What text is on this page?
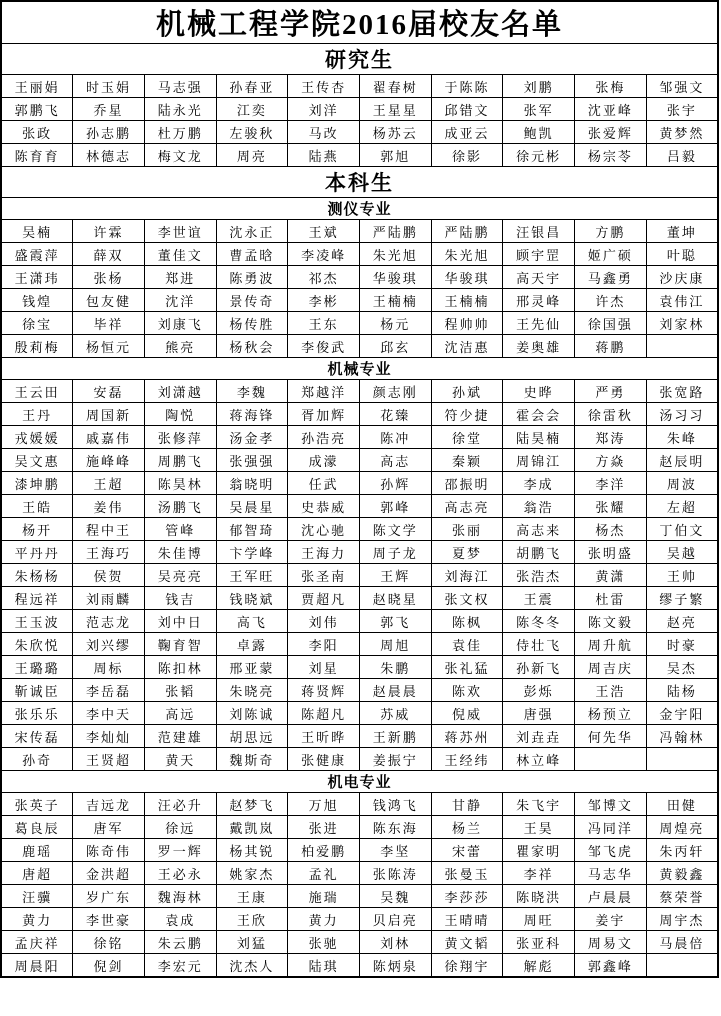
机械工程学院2016届校友名单									
研究生									
王丽娟	时玉娟	马志强	孙春亚	王传杏	翟春树	于陈陈	刘鹏	张梅	邹强文
郭鹏飞	乔星	陆永光	江奕	刘洋	王星星	邱错文	张军	沈亚峰	张宇
张政	孙志鹏	杜万鹏	左骏秋	马改	杨苏云	成亚云	鲍凯	张爱辉	黄梦然
陈育育	林德志	梅文龙	周亮	陆燕	郭旭	徐影	徐元彬	杨宗苓	吕毅
本科生									
测仪专业									
吴楠	许霖	李世谊	沈永正	王斌	严陆鹏	严陆鹏	汪银昌	方鹏	董坤
盛霞萍	薛双	董佳文	曹孟晗	李凌峰	朱光旭	朱光旭	顾宇罡	姬广硕	叶聪
王潇玮	张杨	郑进	陈勇波	祁杰	华骏琪	华骏琪	高天宇	马鑫勇	沙庆康
钱煌	包友健	沈洋	景传奇	李彬	王楠楠	王楠楠	邢灵峰	许杰	袁伟江
徐宝	毕祥	刘康飞	杨传胜	王东	杨元	程帅帅	王先仙	徐国强	刘家林
殷莉梅	杨恒元	熊亮	杨秋会	李俊武	邱玄	沈洁惠	姜奥雄	蒋鹏	
机械专业									
王云田	安磊	刘潇越	李魏	郑越洋	颜志刚	孙斌	史晔	严勇	张宽路
王丹	周国新	陶悦	蒋海锋	胥加辉	花臻	符少捷	霍会会	徐雷秋	汤习习
戎媛媛	戚嘉伟	张修萍	汤金孝	孙浩亮	陈冲	徐堂	陆昊楠	郑涛	朱峰
吴文惠	施峰峰	周鹏飞	张强强	成濛	高志	秦颖	周锦江	方焱	赵辰明
漆坤鹏	王超	陈昊林	翁晓明	任武	孙辉	邵振明	李成	李洋	周波
王皓	姜伟	汤鹏飞	吴晨星	史恭威	郭峰	高志亮	翁浩	张耀	左超
杨开	程中王	管峰	郁智琦	沈心驰	陈文学	张丽	高志来	杨杰	丁伯文
平丹丹	王海巧	朱佳博	卞学峰	王海力	周子龙	夏梦	胡鹏飞	张明盛	吴越
朱杨杨	侯贺	吴亮亮	王军旺	张圣南	王辉	刘海江	张浩杰	黄潇	王帅
程远祥	刘雨麟	钱吉	钱晓斌	贾超凡	赵晓星	张文权	王震	杜雷	缪子繁
王玉波	范志龙	刘中日	高飞	刘伟	郭飞	陈枫	陈冬冬	陈文毅	赵亮
朱欣悦	刘兴缪	鞠育智	卓露	李阳	周旭	袁佳	侍壮飞	周升航	时豪
王璐璐	周标	陈扣林	邢亚蒙	刘星	朱鹏	张礼猛	孙新飞	周吉庆	吴杰
靳诚臣	李岳磊	张韬	朱晓亮	蒋贤辉	赵晨晨	陈欢	彭烁	王浩	陆杨
张乐乐	李中天	高远	刘陈诚	陈超凡	苏威	倪威	唐强	杨预立	金宇阳
宋传磊	李灿灿	范建雄	胡思远	王昕晔	王新鹏	蒋苏州	刘垚垚	何先华	冯翰林
孙奇	王贤超	黄天	魏斯奇	张健康	姜振宁	王经纬	林立峰		
机电专业									
张英子	吉远龙	汪必升	赵梦飞	万旭	钱鸿飞	甘静	朱飞宇	邹博文	田健
葛良辰	唐军	徐远	戴凯岚	张进	陈东海	杨兰	王昊	冯同洋	周煌亮
鹿瑶	陈奇伟	罗一辉	杨其锐	柏爱鹏	李坚	宋蕾	瞿家明	邹飞虎	朱丙轩
唐超	金洪超	王必永	姚家杰	孟礼	张陈涛	张曼玉	李祥	马志华	黄毅鑫
汪骥	岁广东	魏海林	王康	施瑞	吴魏	李莎莎	陈晓洪	卢晨晨	蔡荣誉
黄力	李世豪	袁成	王欣	黄力	贝启亮	王晴晴	周旺	姜宇	周宇杰
孟庆祥	徐铭	朱云鹏	刘猛	张驰	刘林	黄文韬	张亚科	周易文	马晨倍
周晨阳	倪剑	李宏元	沈杰人	陆琪	陈炳泉	徐翔宇	解彪	郭鑫峰	
